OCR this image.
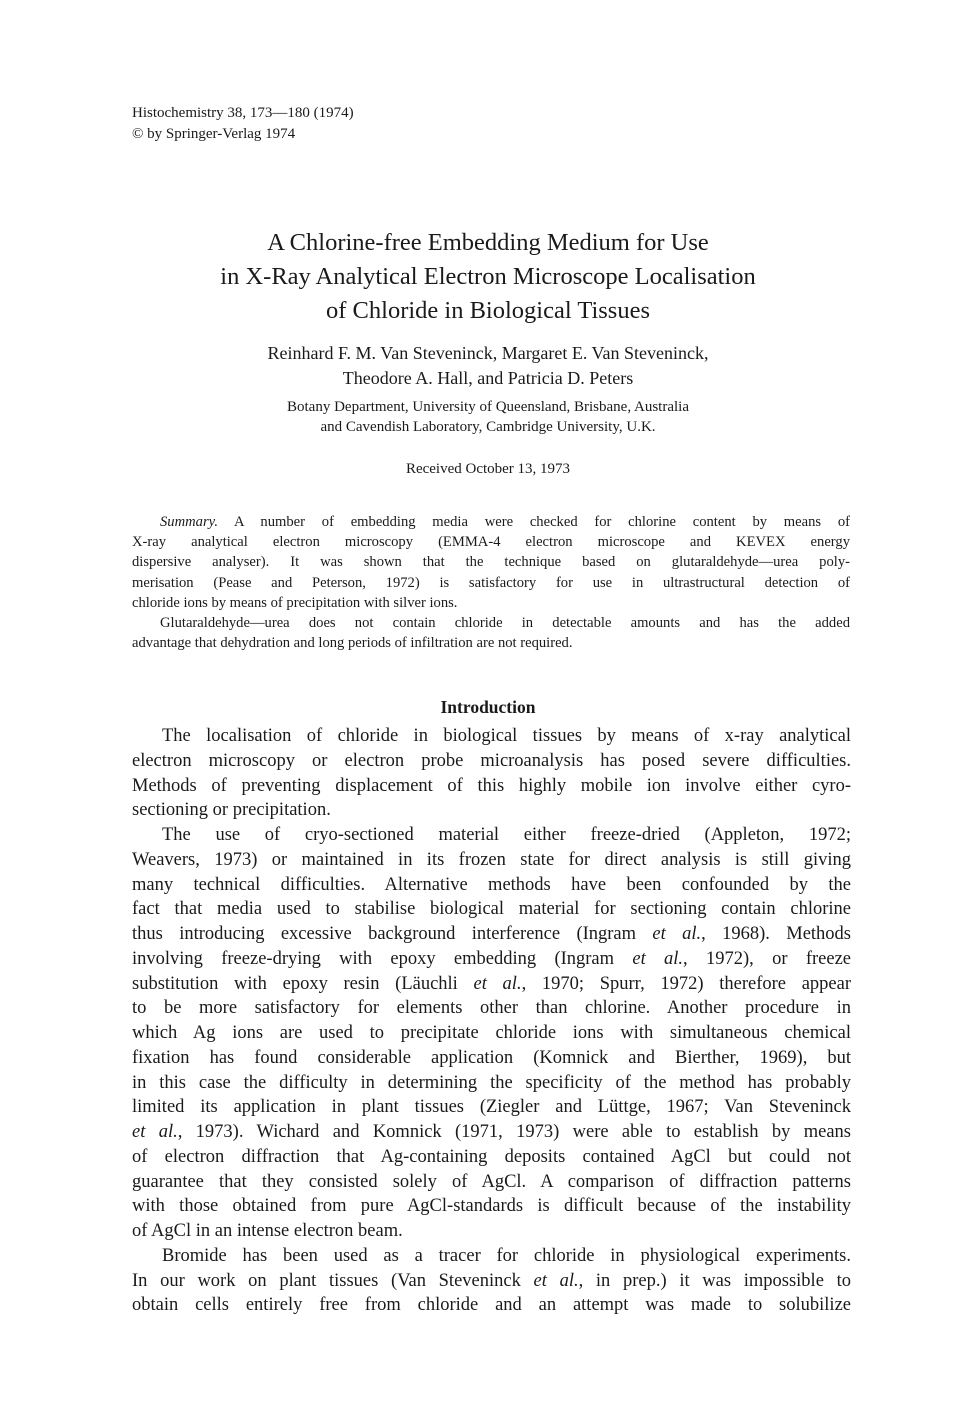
Histochemistry 38, 173—180 (1974)
© by Springer-Verlag 1974
A Chlorine-free Embedding Medium for Use
in X-Ray Analytical Electron Microscope Localisation
of Chloride in Biological Tissues
Reinhard F. M. Van Steveninck, Margaret E. Van Steveninck,
Theodore A. Hall, and Patricia D. Peters
Botany Department, University of Queensland, Brisbane, Australia
and Cavendish Laboratory, Cambridge University, U.K.
Received October 13, 1973

Summary. A number of embedding media were checked for chlorine content by means of
X-ray analytical electron microscopy (EMMA-4 electron microscope and KEVEX energy
dispersive analyser). It was shown that the technique based on glutaraldehyde—urea poly-
merisation (Pease and Peterson, 1972) is satisfactory for use in ultrastructural detection of
chloride ions by means of precipitation with silver ions.

Glutaraldehyde—urea does not contain chloride in detectable amounts and has the added
advantage that dehydration and long periods of infiltration are not required.

Introduction

The localisation of chloride in biological tissues by means of x-ray analytical
electron microscopy or electron probe microanalysis has posed severe difficulties.
Methods of preventing displacement of this highly mobile ion involve either cyro-
sectioning or precipitation.

The use of cryo-sectioned material either freeze-dried (Appleton, 1972;
Weavers, 1973) or maintained in its frozen state for direct analysis is still giving
many technical difficulties. Alternative methods have been confounded by the
fact that media used to stabilise biological material for sectioning contain chlorine
thus introducing excessive background interference (Ingram et al., 1968). Methods
involving freeze-drying with epoxy embedding (Ingram et al., 1972), or freeze
substitution with epoxy resin (Läuchli et al., 1970; Spurr, 1972) therefore appear
to be more satisfactory for elements other than chlorine. Another procedure in
which Ag ions are used to precipitate chloride ions with simultaneous chemical
fixation has found considerable application (Komnick and Bierther, 1969), but
in this case the difficulty in determining the specificity of the method has probably
limited its application in plant tissues (Ziegler and Lüttge, 1967; Van Steveninck
et al., 1973). Wichard and Komnick (1971, 1973) were able to establish by means
of electron diffraction that Ag-containing deposits contained AgCl but could not
guarantee that they consisted solely of AgCl. A comparison of diffraction patterns
with those obtained from pure AgCl-standards is difficult because of the instability
of AgCl in an intense electron beam.

Bromide has been used as a tracer for chloride in physiological experiments.
In our work on plant tissues (Van Steveninck et al., in prep.) it was impossible to
obtain cells entirely free from chloride and an attempt was made to solubilize
